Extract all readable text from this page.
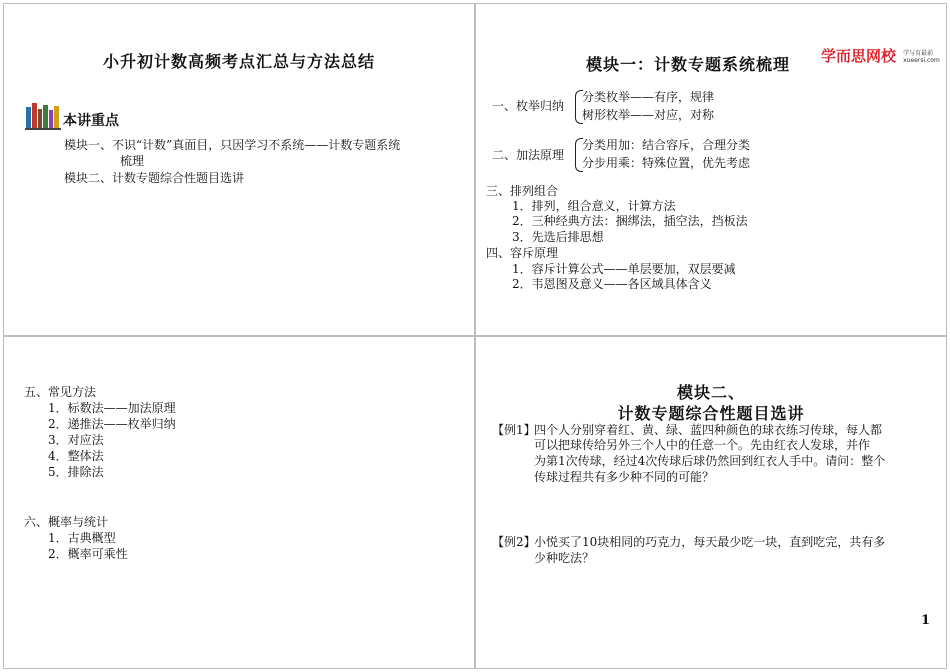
小升初计数高频考点汇总与方法总结
本讲重点
模块一、不识“计数”真面目，只因学习不系统——计数专题系统
梳理
模块二、计数专题综合性题目选讲
模块一：计数专题系统梳理 学而思网校 学与育最前
xueersi.com
一、枚举归纳
分类枚举——有序，规律
树形枚举——对应，对称
二、加法原理
分类用加：结合容斥，合理分类
分步用乘：特殊位置，优先考虑
三、排列组合
1．排列，组合意义，计算方法
2．三种经典方法：捆绑法，插空法，挡板法
3．先选后排思想
四、容斥原理
1．容斥计算公式——单层要加，双层要减
2．韦恩图及意义——各区域具体含义
五、常见方法
1．标数法——加法原理
2．递推法——枚举归纳
3．对应法
4．整体法
5．排除法
六、概率与统计
1．古典概型
2．概率可乘性
模块二、
计数专题综合性题目选讲
【例1】
四个人分别穿着红、黄、绿、蓝四种颜色的球衣练习传球，每人都
可以把球传给另外三个人中的任意一个。先由红衣人发球，并作
为第1次传球，经过4次传球后球仍然回到红衣人手中。请问：整个
传球过程共有多少种不同的可能？
【例2】
小悦买了10块相同的巧克力，每天最少吃一块，直到吃完，共有多
少种吃法？
1
